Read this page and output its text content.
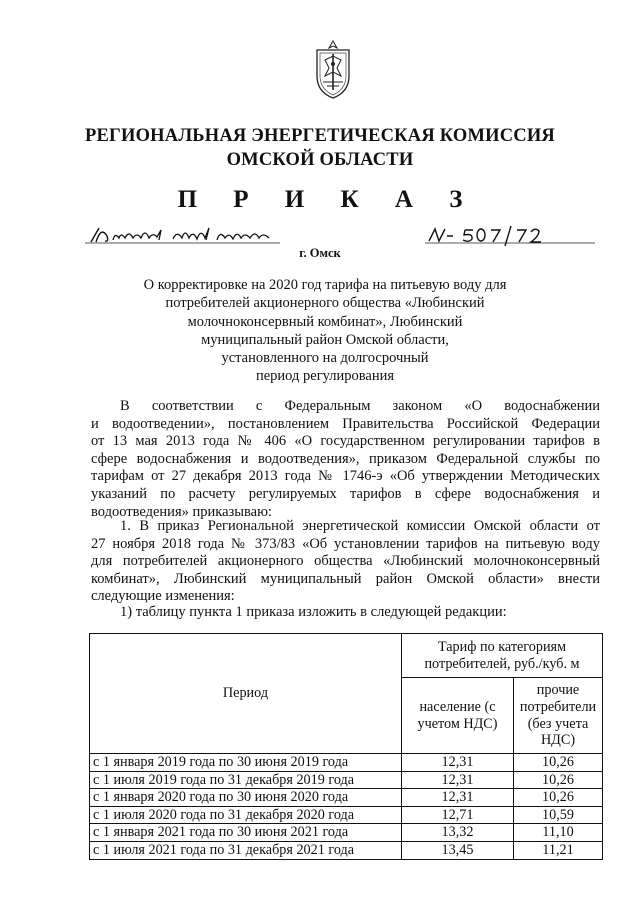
РЕГИОНАЛЬНАЯ ЭНЕРГЕТИЧЕСКАЯ КОМИССИЯ
ОМСКОЙ ОБЛАСТИ
П Р И К А З
г. Омск
О корректировке на 2020 год тарифа на питьевую воду для
потребителей акционерного общества «Любинский
молочноконсервный комбинат», Любинский
муниципальный район Омской области,
установленного на долгосрочный
период регулирования
В соответствии с Федеральным законом «О водоснабжении
и водоотведении», постановлением Правительства Российской Федерации
от 13 мая 2013 года № 406 «О государственном регулировании тарифов в
сфере водоснабжения и водоотведения», приказом Федеральной службы по
тарифам от 27 декабря 2013 года № 1746-э «Об утверждении Методических
указаний по расчету регулируемых тарифов в сфере водоснабжения и
водоотведения» приказываю:
1. В приказ Региональной энергетической комиссии Омской области от
27 ноября 2018 года № 373/83 «Об установлении тарифов на питьевую воду
для потребителей акционерного общества «Любинский молочноконсервный
комбинат», Любинский муниципальный район Омской области» внести
следующие изменения:
1) таблицу пункта 1 приказа изложить в следующей редакции:
Период	Тариф по категориям потребителей, руб./куб. м	
	население (с учетом НДС)	прочие потребители (без учета НДС)
с 1 января 2019 года по 30 июня 2019 года	12,31	10,26
с 1 июля 2019 года по 31 декабря 2019 года	12,31	10,26
с 1 января 2020 года по 30 июня 2020 года	12,31	10,26
с 1 июля 2020 года по 31 декабря 2020 года	12,71	10,59
с 1 января 2021 года по 30 июня 2021 года	13,32	11,10
с 1 июля 2021 года по 31 декабря 2021 года	13,45	11,21
